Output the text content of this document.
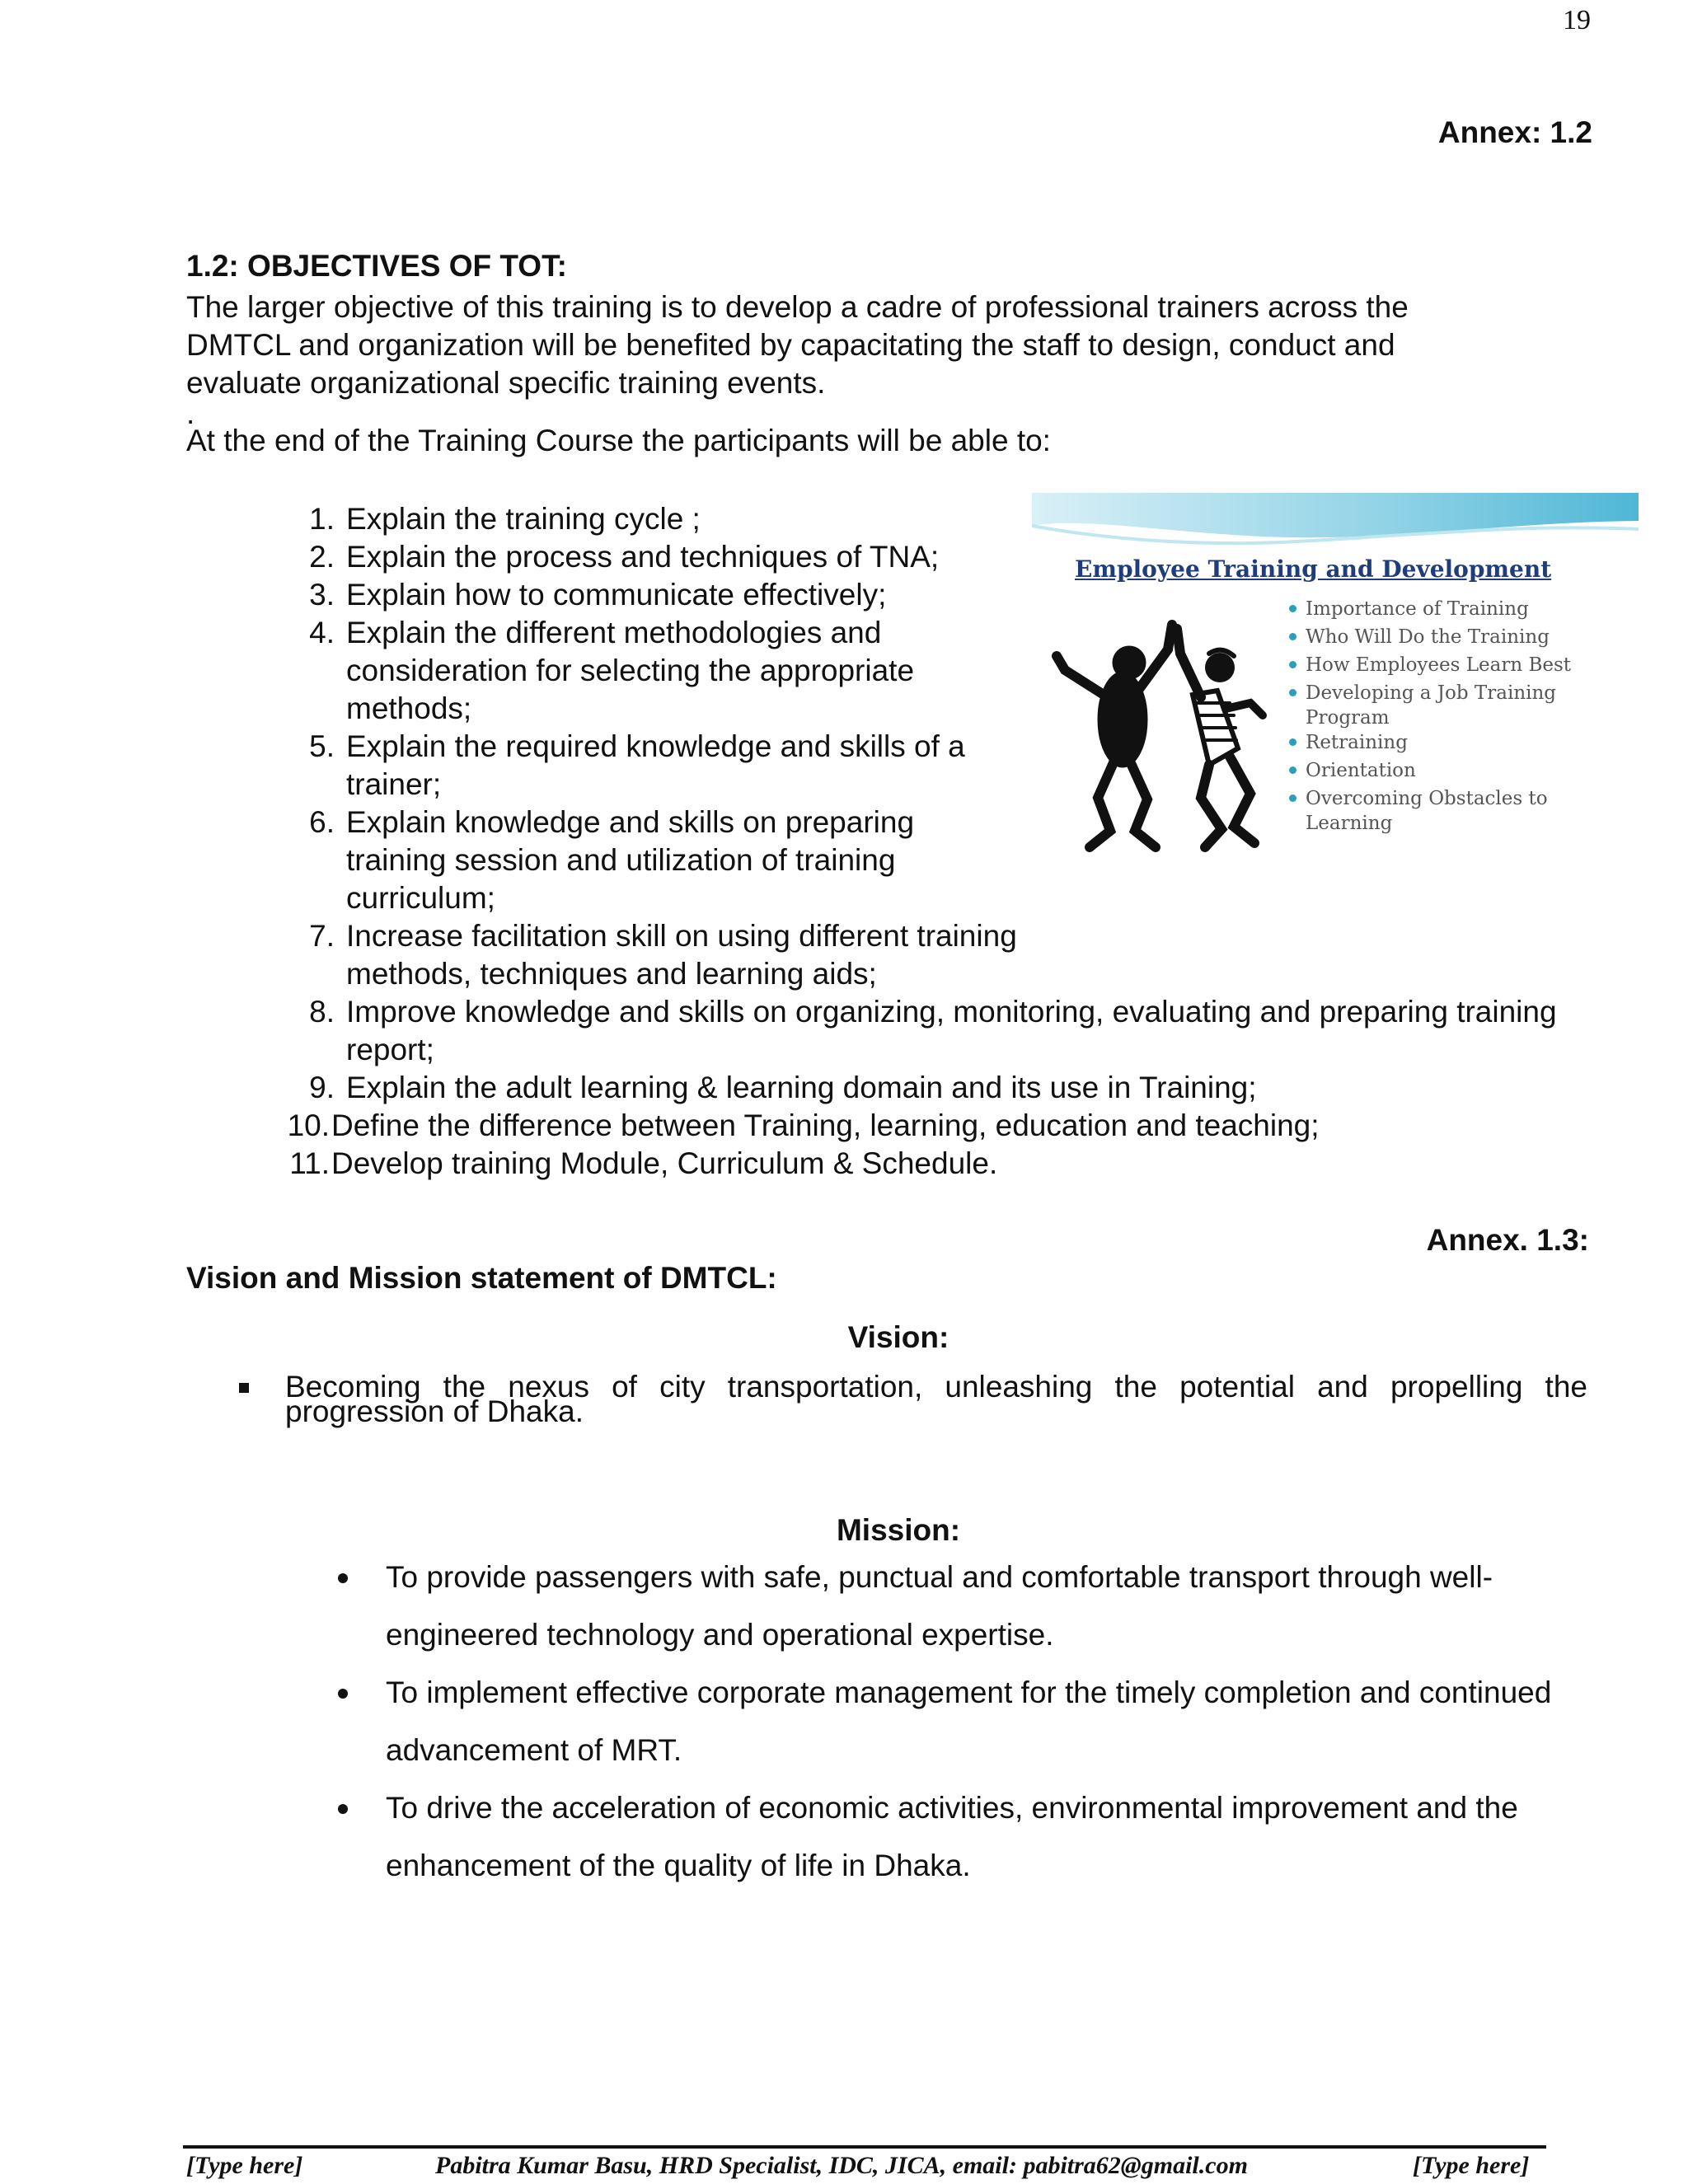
19
Annex: 1.2
1.2: OBJECTIVES OF TOT:
The larger objective of this training is to develop a cadre of professional trainers across the
DMTCL and organization will be benefited by capacitating the staff to design, conduct and
evaluate organizational specific training events.
.
At the end of the Training Course the participants will be able to:
1. Explain the training cycle ;
2. Explain the process and techniques of TNA;
3. Explain how to communicate effectively;
4. Explain the different methodologies and consideration for selecting the appropriate methods;
5. Explain the required knowledge and skills of a trainer;
6. Explain knowledge and skills on preparing training session and utilization of training curriculum;
7. Increase facilitation skill on using different training methods, techniques and learning aids;
8. Improve knowledge and skills on organizing, monitoring, evaluating and preparing training report;
9. Explain the adult learning & learning domain and its use in Training;
10. Define the difference between Training, learning, education and teaching;
11. Develop training Module, Curriculum & Schedule.
Employee Training and Development
Importance of Training
Who Will Do the Training
How Employees Learn Best
Developing a Job Training
Program
Retraining
Orientation
Overcoming Obstacles to
Learning
Annex. 1.3:
Vision and Mission statement of DMTCL:
Vision:
Becoming the nexus of city transportation, unleashing the potential and propelling the progression of Dhaka.
Mission:
To provide passengers with safe, punctual and comfortable transport through well-engineered technology and operational expertise.
To implement effective corporate management for the timely completion and continued advancement of MRT.
To drive the acceleration of economic activities, environmental improvement and the enhancement of the quality of life in Dhaka.
[Type here]	Pabitra Kumar Basu, HRD Specialist, IDC, JICA, email: pabitra62@gmail.com	[Type here]
